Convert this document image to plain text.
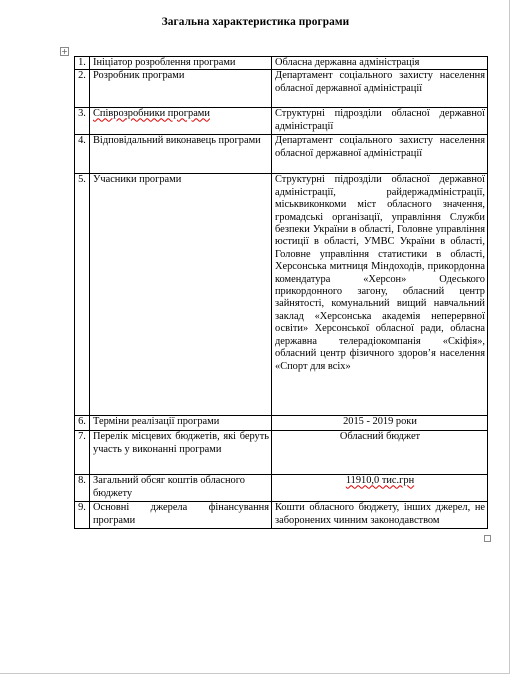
Загальна характеристика програми
+
1.	Ініціатор розроблення програми	Обласна державна адміністрація
2.	Розробник програми	Департамент соціального захисту населення обласної державної адміністрації
3.	Співрозробники програми	Структурні підрозділи обласної державної адміністрації
4.	Відповідальний виконавець програми	Департамент соціального захисту населення обласної державної адміністрації
5.	Учасники програми	Структурні підрозділи обласної державної адміністрації, райдержадміністрації, міськвиконкоми міст обласного значення, громадські організації, управління Служби безпеки України в області, Головне управління юстиції в області, УМВС України в області, Головне управління статистики в області, Херсонська митниця Міндоходів, прикордонна комендатура «Херсон» Одеського прикордонного загону, обласний центр зайнятості, комунальний вищий навчальний заклад «Херсонська академія неперервної освіти» Херсонської обласної ради, обласна державна телерадіокомпанія «Скіфія», обласний центр фізичного здоров’я населення «Спорт для всіх»
6.	Терміни реалізації програми	2015 - 2019 роки
7.	Перелік місцевих бюджетів, які беруть участь у виконанні програми	Обласний бюджет
8.	Загальний обсяг коштів обласного бюджету	11910,0 тис.грн
9.	Основні джерела фінансування програми	Кошти обласного бюджету, інших джерел, не заборонених чинним законодавством
